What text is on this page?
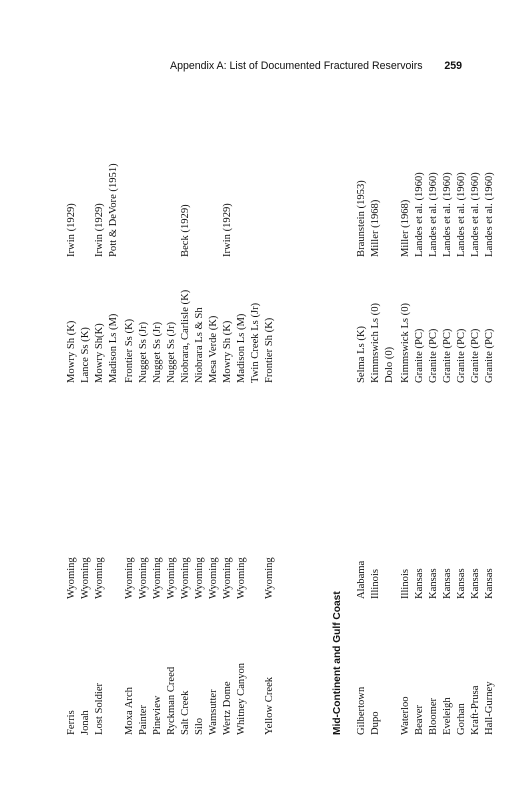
Appendix A: List of Documented Fractured Reservoirs 259
Ferris
Wyoming
Mowry Sh (K)
Irwin (1929)
Jonah
Wyoming
Lance Ss (K)
Lost Soldier
Wyoming
Mowry Sh(K)
Irwin (1929)
Madison Ls (M)
Pott & DeVore (1951)
Moxa Arch
Wyoming
Frontier Ss (K)
Painter
Wyoming
Nugget Ss (Jr)
Pineview
Wyoming
Nugget Ss (Jr)
Ryckman Creed
Wyoming
Nugget Ss (Jr)
Salt Creek
Wyoming
Niobrara, Carlisle (K)
Beck (1929)
Silo
Wyoming
Niobrara Ls & Sh
Wamsutter
Wyoming
Mesa Verde (K)
Wertz Dome
Wyoming
Mowry Sh (K)
Irwin (1929)
Whitney Canyon
Wyoming
Madison Ls (M) Twin Creek Ls (Jr)
Yellow Creek
Wyoming
Frontier Sh (K)
Mid-Continent and Gulf Coast Gilbertown
Alabama
Selma Ls (K)
Braunstein (1953)
Dupo
Illinois
Kimmswich Ls (0)
Miller (1968)
Dolo (0)
Waterloo
Illinois
Kimmswick Ls (0)
Miller (1968)
Beaver
Kansas
Granite (PC)
Landes et al. (1960)
Bloomer
Kansas
Granite (PC)
Landes et al. (1960)
Eveleigh
Kansas
Granite (PC)
Landes et al. (1960)
Gorhan
Kansas
Granite (PC)
Landes et al. (1960)
Kraft-Prusa
Kansas
Granite (PC)
Landes et al. (1960)
Hall-Gurney
Kansas
Granite (PC)
Landes et al. (1960)
